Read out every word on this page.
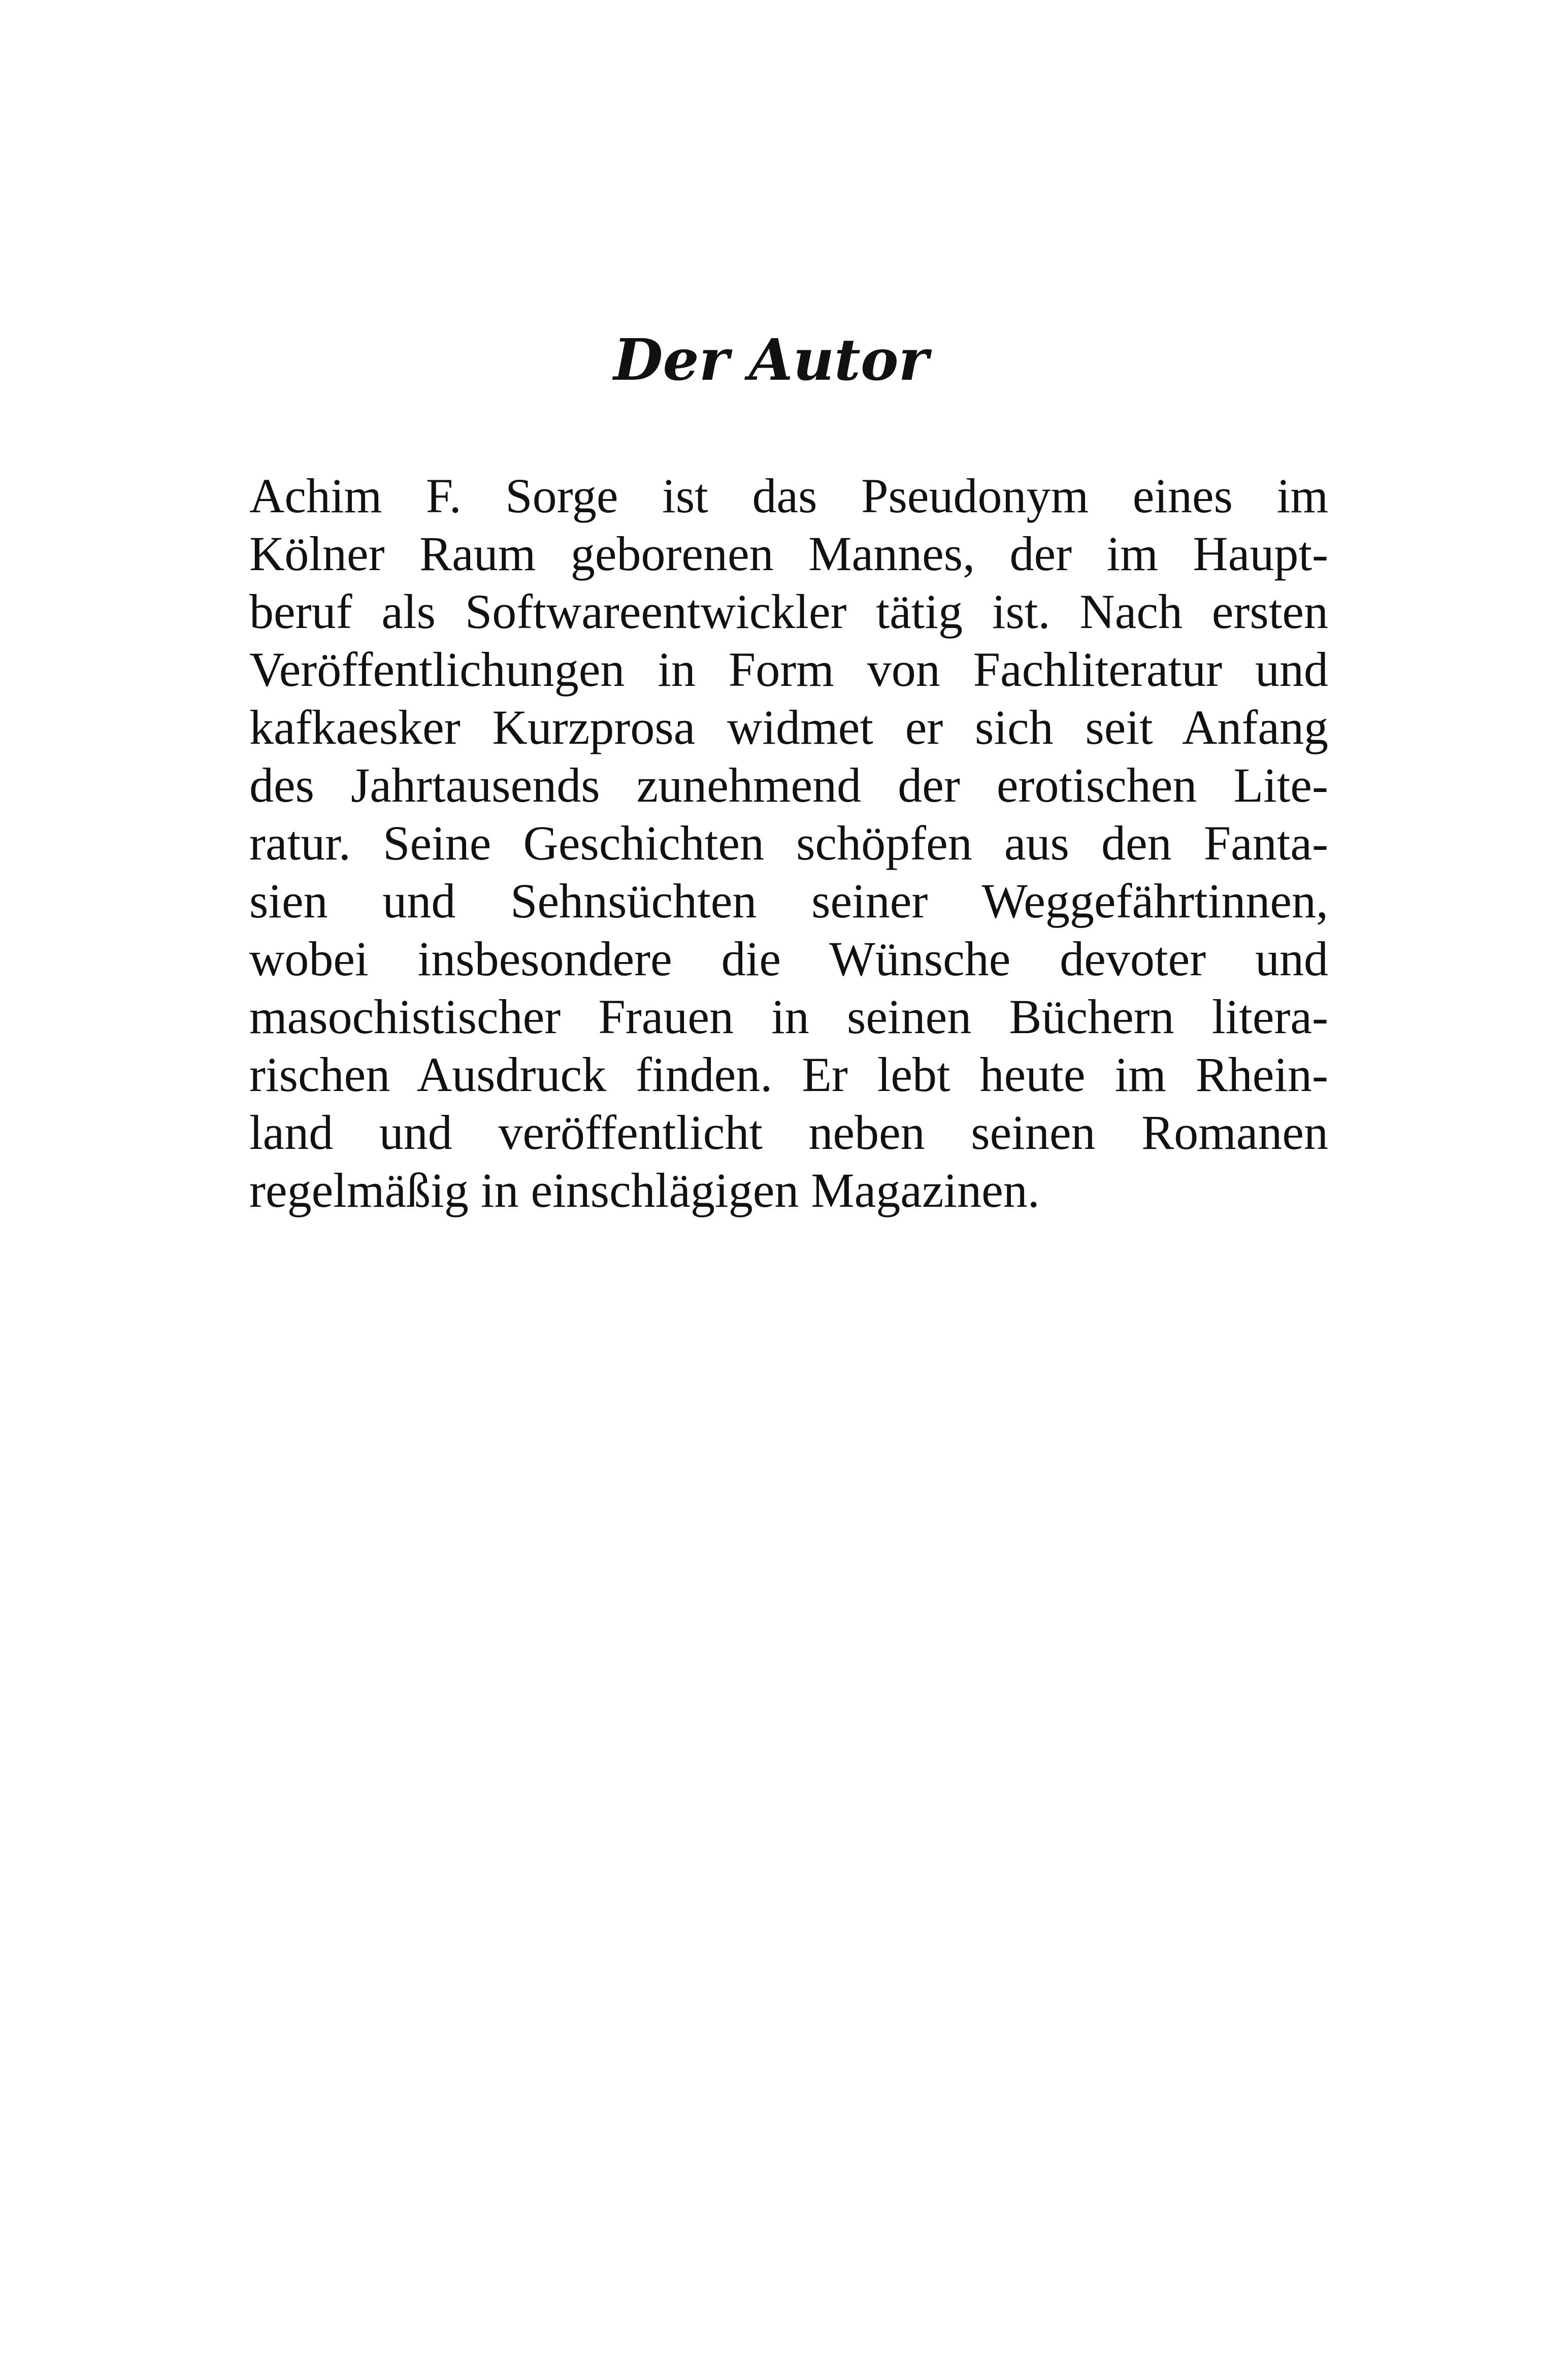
Der Autor

Achim F. Sorge ist das Pseudonym eines im
Kölner Raum geborenen Mannes, der im Haupt-
beruf als Softwareentwickler tätig ist. Nach ersten
Veröffentlichungen in Form von Fachliteratur und
kafkaesker Kurzprosa widmet er sich seit Anfang
des Jahrtausends zunehmend der erotischen Lite-
ratur. Seine Geschichten schöpfen aus den Fanta-
sien und Sehnsüchten seiner Weggefährtinnen,
wobei insbesondere die Wünsche devoter und
masochistischer Frauen in seinen Büchern litera-
rischen Ausdruck finden. Er lebt heute im Rhein-
land und veröffentlicht neben seinen Romanen
regelmäßig in einschlägigen Magazinen.
